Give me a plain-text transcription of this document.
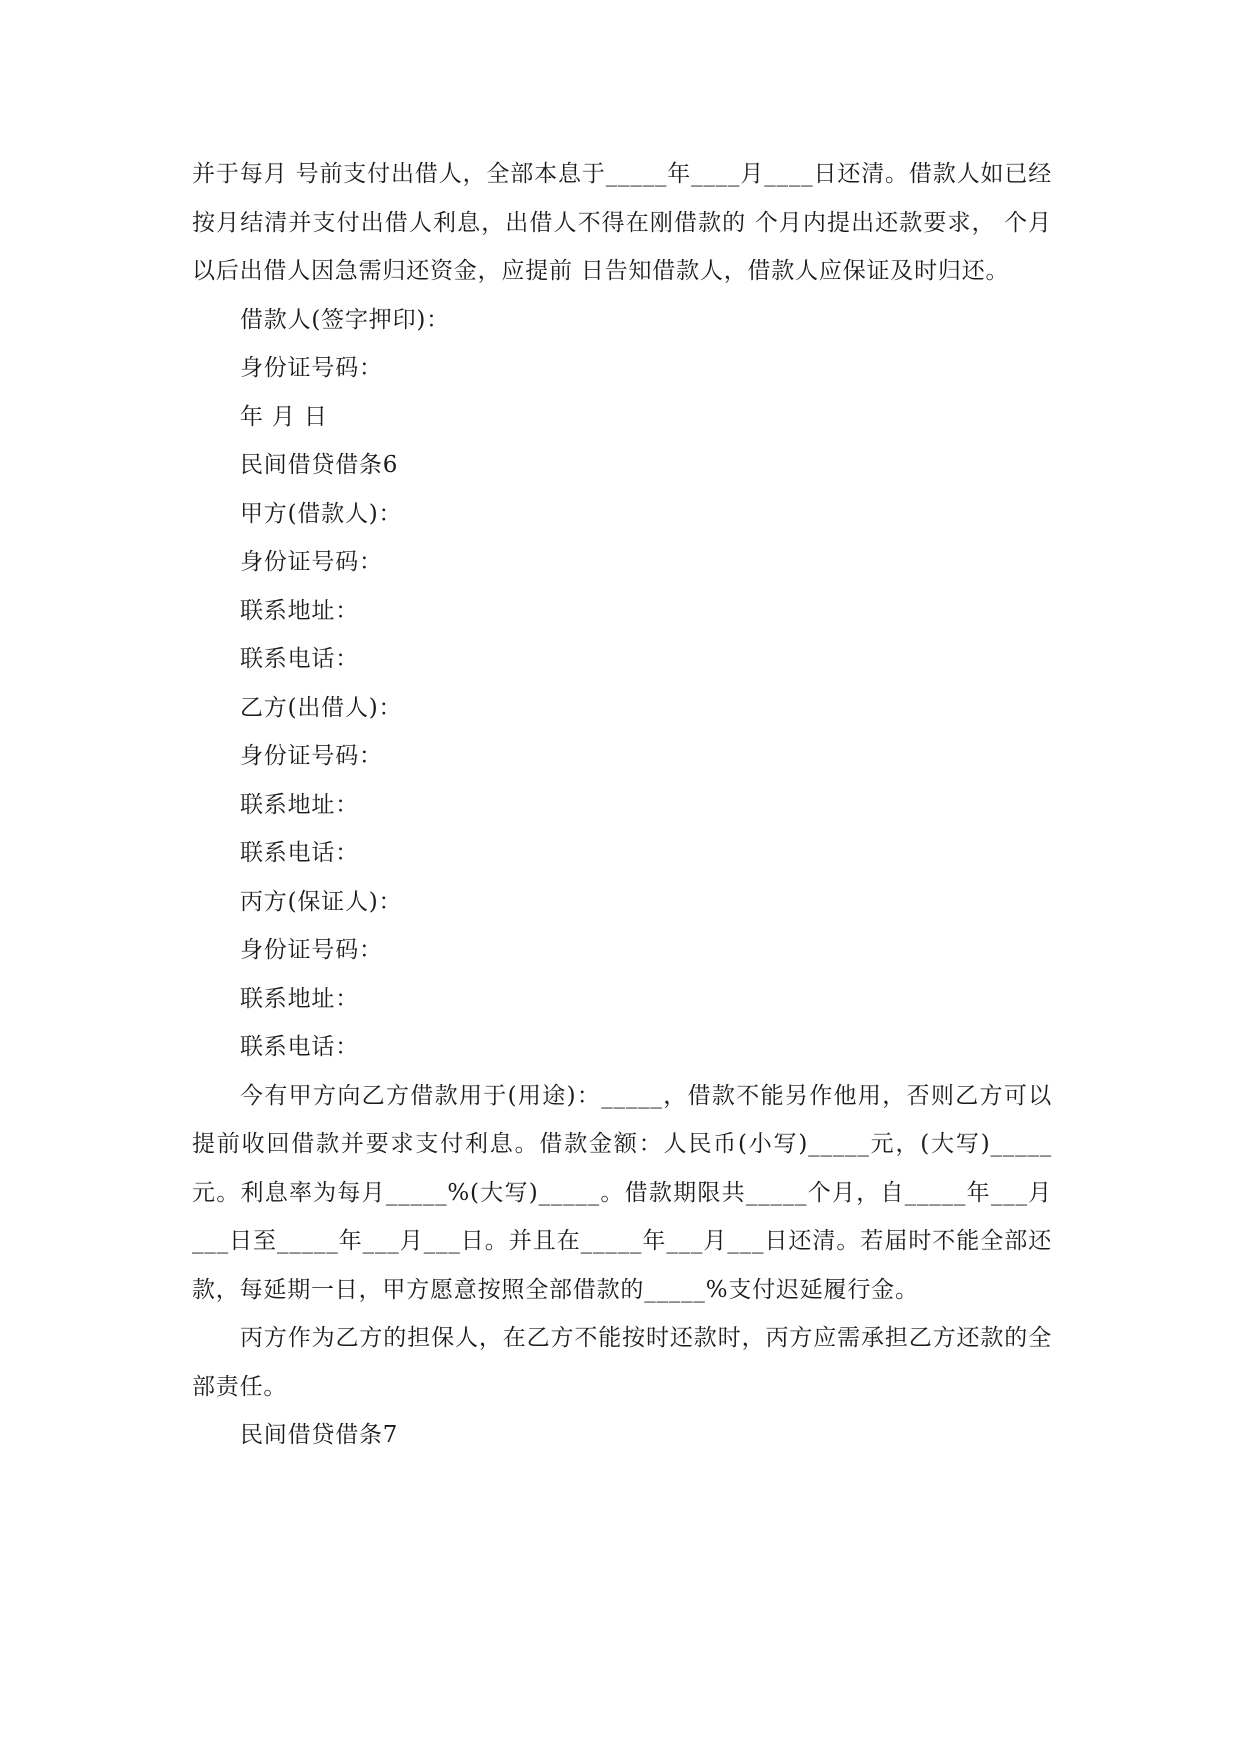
并于每月 号前支付出借人，全部本息于_____年____月____日还清。借款人如已经按月结清并支付出借人利息，出借人不得在刚借款的 个月内提出还款要求， 个月以后出借人因急需归还资金，应提前 日告知借款人，借款人应保证及时归还。

借款人(签字押印)：

身份证号码：

年 月 日

民间借贷借条6

甲方(借款人)：

身份证号码：

联系地址：

联系电话：

乙方(出借人)：

身份证号码：

联系地址：

联系电话：

丙方(保证人)：

身份证号码：

联系地址：

联系电话：

今有甲方向乙方借款用于(用途)：_____，借款不能另作他用，否则乙方可以提前收回借款并要求支付利息。借款金额：人民币(小写)_____元，(大写)_____元。利息率为每月_____%(大写)_____。借款期限共_____个月，自_____年___月___日至_____年___月___日。并且在_____年___月___日还清。若届时不能全部还款，每延期一日，甲方愿意按照全部借款的_____%支付迟延履行金。

丙方作为乙方的担保人，在乙方不能按时还款时，丙方应需承担乙方还款的全部责任。

民间借贷借条7
